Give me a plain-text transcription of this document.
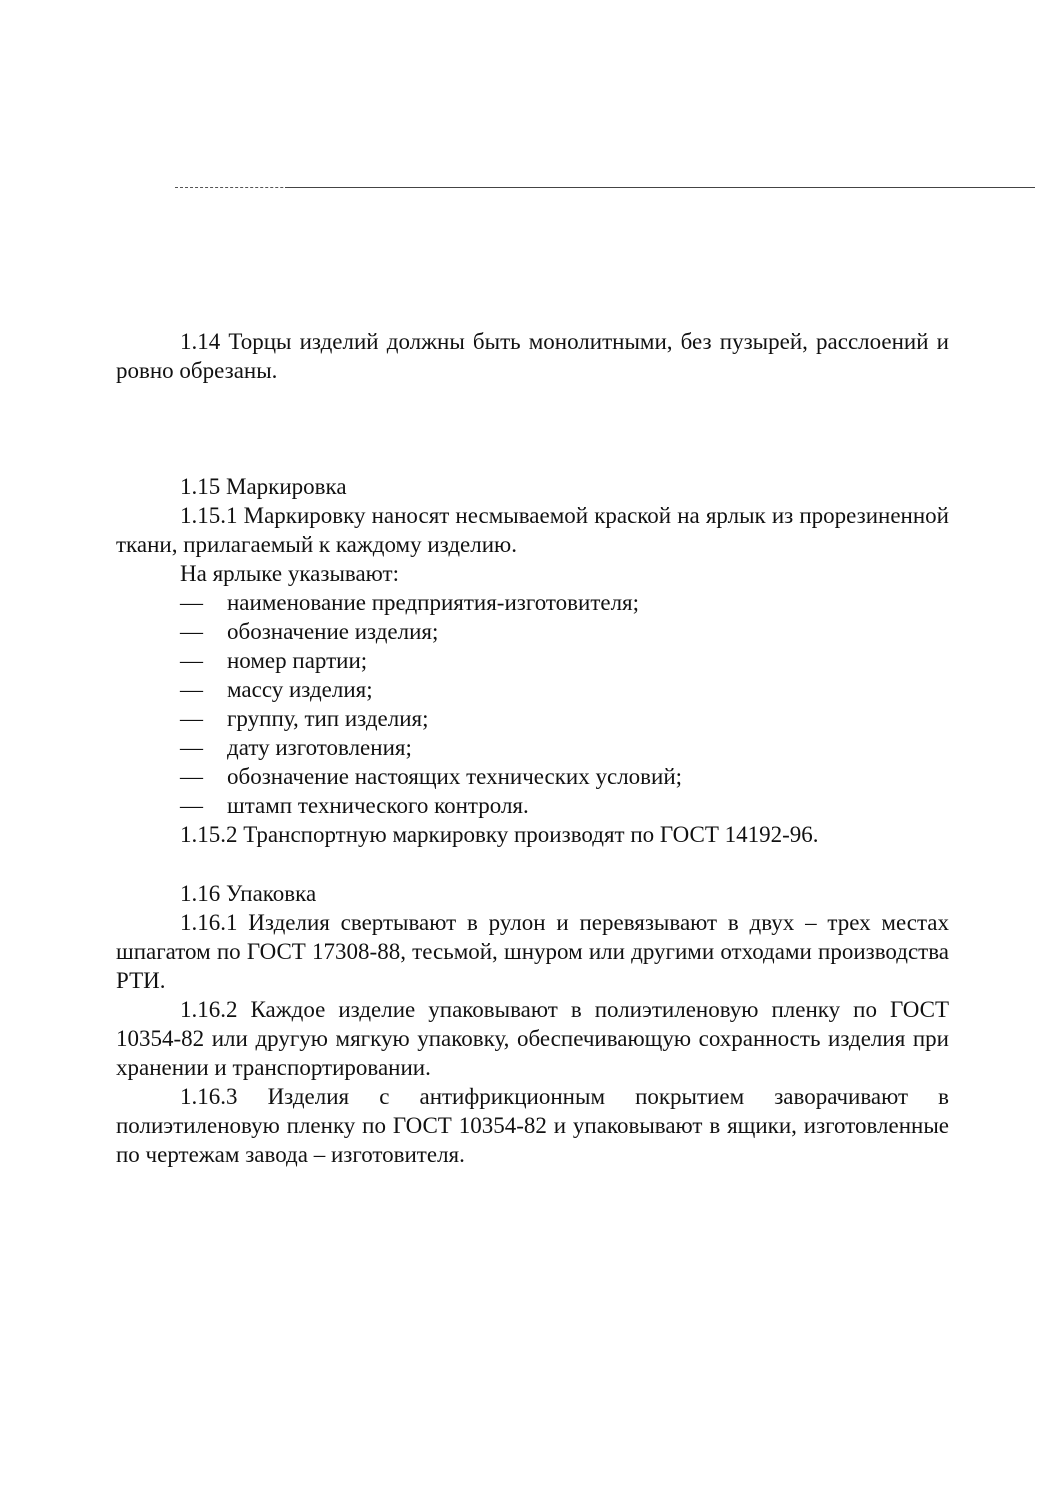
1.14 Торцы изделий должны быть монолитными, без пузырей, расслоений и ровно обрезаны.

1.15 Маркировка

1.15.1 Маркировку наносят несмываемой краской на ярлык из прорезиненной ткани, прилагаемый к каждому изделию.

На ярлыке указывают:

—	наименование предприятия-изготовителя;
—	обозначение изделия;
—	номер партии;
—	массу изделия;
—	группу, тип изделия;
—	дату изготовления;
—	обозначение настоящих технических условий;
—	штамп технического контроля.

1.15.2 Транспортную маркировку производят по ГОСТ 14192-96.

1.16 Упаковка

1.16.1 Изделия свертывают в рулон и перевязывают в двух – трех местах шпагатом по ГОСТ 17308-88, тесьмой, шнуром или другими отходами производства РТИ.

1.16.2 Каждое изделие упаковывают в полиэтиленовую пленку по ГОСТ 10354-82 или другую мягкую упаковку, обеспечивающую сохранность изделия при хранении и транспортировании.

1.16.3 Изделия с антифрикционным покрытием заворачивают в полиэтиленовую пленку по ГОСТ 10354-82 и упаковывают в ящики, изготовленные по чертежам завода – изготовителя.
